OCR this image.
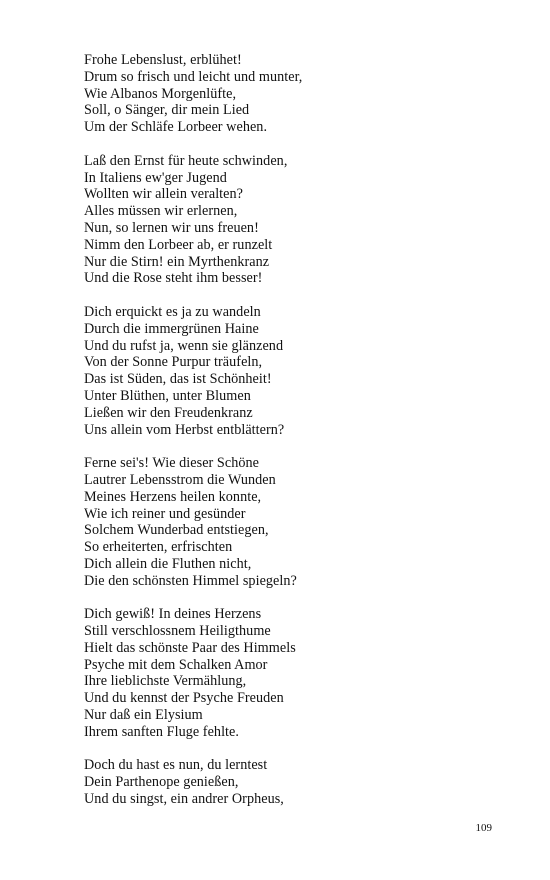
Frohe Lebenslust, erblühet!
Drum so frisch und leicht und munter,
Wie Albanos Morgenlüfte,
Soll, o Sänger, dir mein Lied
Um der Schläfe Lorbeer wehen.
Laß den Ernst für heute schwinden,
In Italiens ew'ger Jugend
Wollten wir allein veralten?
Alles müssen wir erlernen,
Nun, so lernen wir uns freuen!
Nimm den Lorbeer ab, er runzelt
Nur die Stirn! ein Myrthenkranz
Und die Rose steht ihm besser!
Dich erquickt es ja zu wandeln
Durch die immergrünen Haine
Und du rufst ja, wenn sie glänzend
Von der Sonne Purpur träufeln,
Das ist Süden, das ist Schönheit!
Unter Blüthen, unter Blumen
Ließen wir den Freudenkranz
Uns allein vom Herbst entblättern?
Ferne sei's! Wie dieser Schöne
Lautrer Lebensstrom die Wunden
Meines Herzens heilen konnte,
Wie ich reiner und gesünder
Solchem Wunderbad entstiegen,
So erheiterten, erfrischten
Dich allein die Fluthen nicht,
Die den schönsten Himmel spiegeln?
Dich gewiß! In deines Herzens
Still verschlossnem Heiligthume
Hielt das schönste Paar des Himmels
Psyche mit dem Schalken Amor
Ihre lieblichste Vermählung,
Und du kennst der Psyche Freuden
Nur daß ein Elysium
Ihrem sanften Fluge fehlte.
Doch du hast es nun, du lerntest
Dein Parthenope genießen,
Und du singst, ein andrer Orpheus,
109
